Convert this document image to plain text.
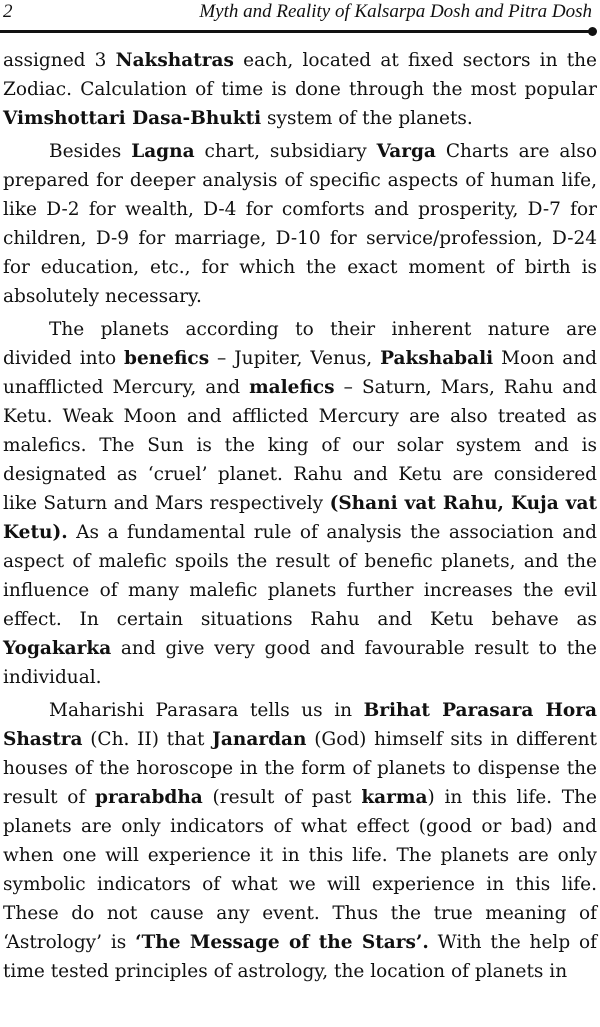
2	Myth and Reality of Kalsarpa Dosh and Pitra Dosh

assigned 3 Nakshatras each, located at fixed sectors in the Zodiac. Calculation of time is done through the most popular Vimshottari Dasa-Bhukti system of the planets.

Besides Lagna chart, subsidiary Varga Charts are also prepared for deeper analysis of specific aspects of human life, like D-2 for wealth, D-4 for comforts and prosperity, D-7 for children, D-9 for marriage, D-10 for service/profession, D-24 for education, etc., for which the exact moment of birth is absolutely necessary.

The planets according to their inherent nature are divided into benefics – Jupiter, Venus, Pakshabali Moon and unafflicted Mercury, and malefics – Saturn, Mars, Rahu and Ketu. Weak Moon and afflicted Mercury are also treated as malefics. The Sun is the king of our solar system and is designated as ‘cruel’ planet. Rahu and Ketu are considered like Saturn and Mars respectively (Shani vat Rahu, Kuja vat Ketu). As a fundamental rule of analysis the association and aspect of malefic spoils the result of benefic planets, and the influence of many malefic planets further increases the evil effect. In certain situations Rahu and Ketu behave as Yogakarka and give very good and favourable result to the individual.

Maharishi Parasara tells us in Brihat Parasara Hora Shastra (Ch. II) that Janardan (God) himself sits in different houses of the horoscope in the form of planets to dispense the result of prarabdha (result of past karma) in this life. The planets are only indicators of what effect (good or bad) and when one will experience it in this life. The planets are only symbolic indicators of what we will experience in this life. These do not cause any event. Thus the true meaning of ‘Astrology’ is ‘The Message of the Stars’. With the help of time tested principles of astrology, the location of planets in
